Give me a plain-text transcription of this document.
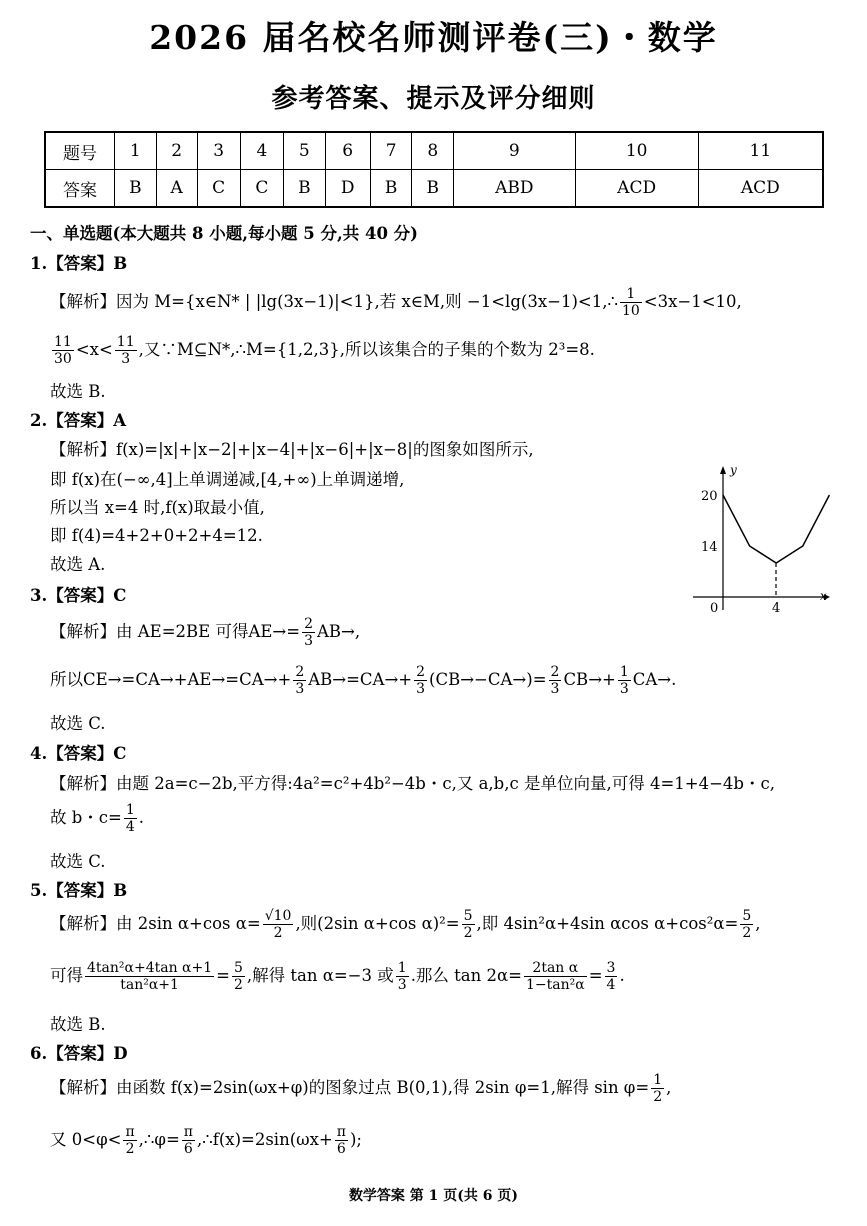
2026 届名校名师测评卷(三)・数学
参考答案、提示及评分细则
题号	1	2	3	4	5	6	7	8	9	10	11
答案	B	A	C	C	B	D	B	B	ABD	ACD	ACD
一、单选题(本大题共 8 小题,每小题 5 分,共 40 分)
1.【答案】B
【解析】因为 M={x∈N* | |lg(3x−1)|<1},若 x∈M,则 −1<lg(3x−1)<1,∴ $\frac{1}{10} <3x-1<10$,
$\frac{11}{30} <x< \frac{11}{3}$ ,又∵M⊆N*,∴M={1,2,3},所以该集合的子集的个数为 2³=8.
故选 B.
2.【答案】A
【解析】f(x)=|x|+|x−2|+|x−4|+|x−6|+|x−8|的图象如图所示,
即 f(x)在(−∞,4]上单调递减,[4,+∞)上单调递增,
所以当 x=4 时,f(x)取最小值,
即 f(4)=4+2+0+2+4=12.
故选 A.
y
x
0	4
20
14
3.【答案】C
【解析】由 AE=2BE 可得$AE\to= \frac{2}{3} AB\to$,
所以$CE\to=CA\to+AE\to=CA\to+ \frac{2}{3} AB\to=CA\to+ \frac{2}{3} (CB\to-CA\to)= \frac{2}{3} CB\to+ \frac{1}{3} CA\to$.
故选 C.
4.【答案】C
【解析】由题 2a=c−2b,平方得:4a²=c²+4b²−4b・c,又 a,b,c 是单位向量,可得 4=1+4−4b・c,
故 b・$c= \frac{1}{4}$ .
故选 C.
5.【答案】B
【解析】由 2sin α+cos $\alpha= \frac{√10}{2}$ ,则(2sin α+cos $\alpha)^2= \frac{5}{2}$ ,即 4sin²α+4sin αcos $\alpha+\cos^2\alpha= \frac{5}{2}$ ,
可得 $\frac{\text{4tan²α+4tan α+1}}{\text{tan²α+1}} = \frac{5}{2}$ ,解得 tan α=−3 或 $\frac{1}{3}$ .那么 $\tan 2\alpha= \frac{\text{2tan α}}{\text{1−tan²α}} = \frac{3}{4}$ .
故选 B.
6.【答案】D
【解析】由函数 f(x)=2sin(ωx+φ)的图象过点 B(0,1),得 2sin φ=1,解得 $\sin \varphi= \frac{1}{2}$ ,
又 $0<\varphi< \frac{\pi}{2}$ ,∴φ= $\frac{\pi}{6}$ ,∴f(x)=2sin(ωx+ $\frac{\pi}{6}$ );
数学答案 第 1 页(共 6 页)
